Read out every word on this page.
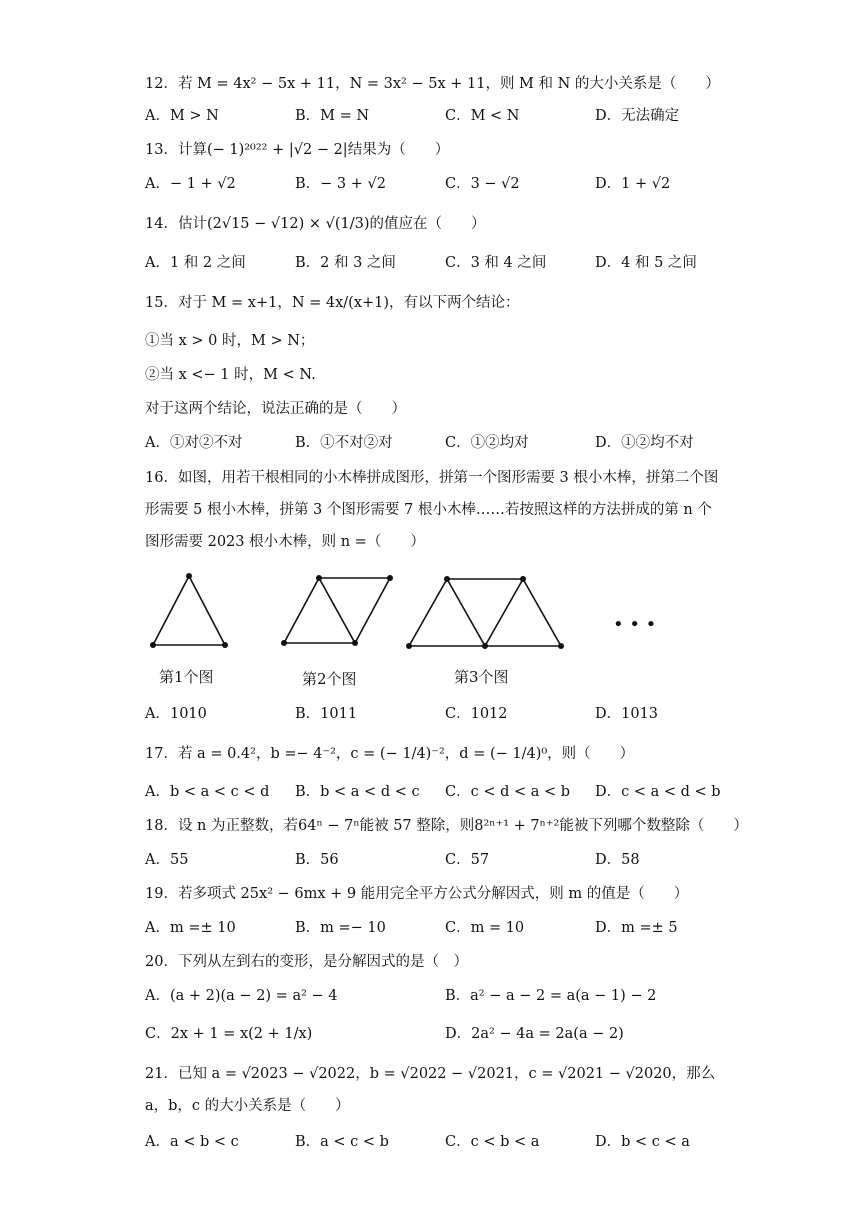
12．若 M = 4x² − 5x + 11，N = 3x² − 5x + 11，则 M 和 N 的大小关系是（　　）
A．M > N	B．M = N	C．M < N	D．无法确定
13．计算(− 1)²⁰²² + |√2 − 2|结果为（　　）
A．− 1 + √2	B．− 3 + √2	C．3 − √2	D．1 + √2
14．估计(2√15 − √12) × √(1/3)的值应在（　　）
A．1 和 2 之间	B．2 和 3 之间	C．3 和 4 之间	D．4 和 5 之间
15．对于 M = x+1，N = 4x/(x+1)，有以下两个结论：
①当 x > 0 时，M > N；
②当 x <− 1 时，M < N.
对于这两个结论，说法正确的是（　　）
A．①对②不对	B．①不对②对	C．①②均对	D．①②均不对
16．如图，用若干根相同的小木棒拼成图形，拼第一个图形需要 3 根小木棒，拼第二个图形需要 5 根小木棒，拼第 3 个图形需要 7 根小木棒……若按照这样的方法拼成的第 n 个图形需要 2023 根小木棒，则 n =（　　）
• • •
第1个图	第2个图	第3个图
A．1010	B．1011	C．1012	D．1013
17．若 a = 0.4²，b =− 4⁻²，c = (− 1/4)⁻²，d = (− 1/4)⁰，则（　　）
A．b < a < c < d B．b < a < d < c C．c < d < a < b D．c < a < d < b
18．设 n 为正整数，若64ⁿ − 7ⁿ能被 57 整除，则8²ⁿ⁺¹ + 7ⁿ⁺²能被下列哪个数整除（　　）
A．55	B．56	C．57	D．58
19．若多项式 25x² − 6mx + 9 能用完全平方公式分解因式，则 m 的值是（　　）
A．m =± 10	B．m =− 10	C．m = 10	D．m =± 5
20．下列从左到右的变形，是分解因式的是（　）
A．(a + 2)(a − 2) = a² − 4	B．a² − a − 2 = a(a − 1) − 2
C．2x + 1 = x(2 + 1/x)	D．2a² − 4a = 2a(a − 2)
21．已知 a = √2023 − √2022，b = √2022 − √2021，c = √2021 − √2020，那么 a，b，c 的大小关系是（　　）
A．a < b < c	B．a < c < b	C．c < b < a	D．b < c < a
